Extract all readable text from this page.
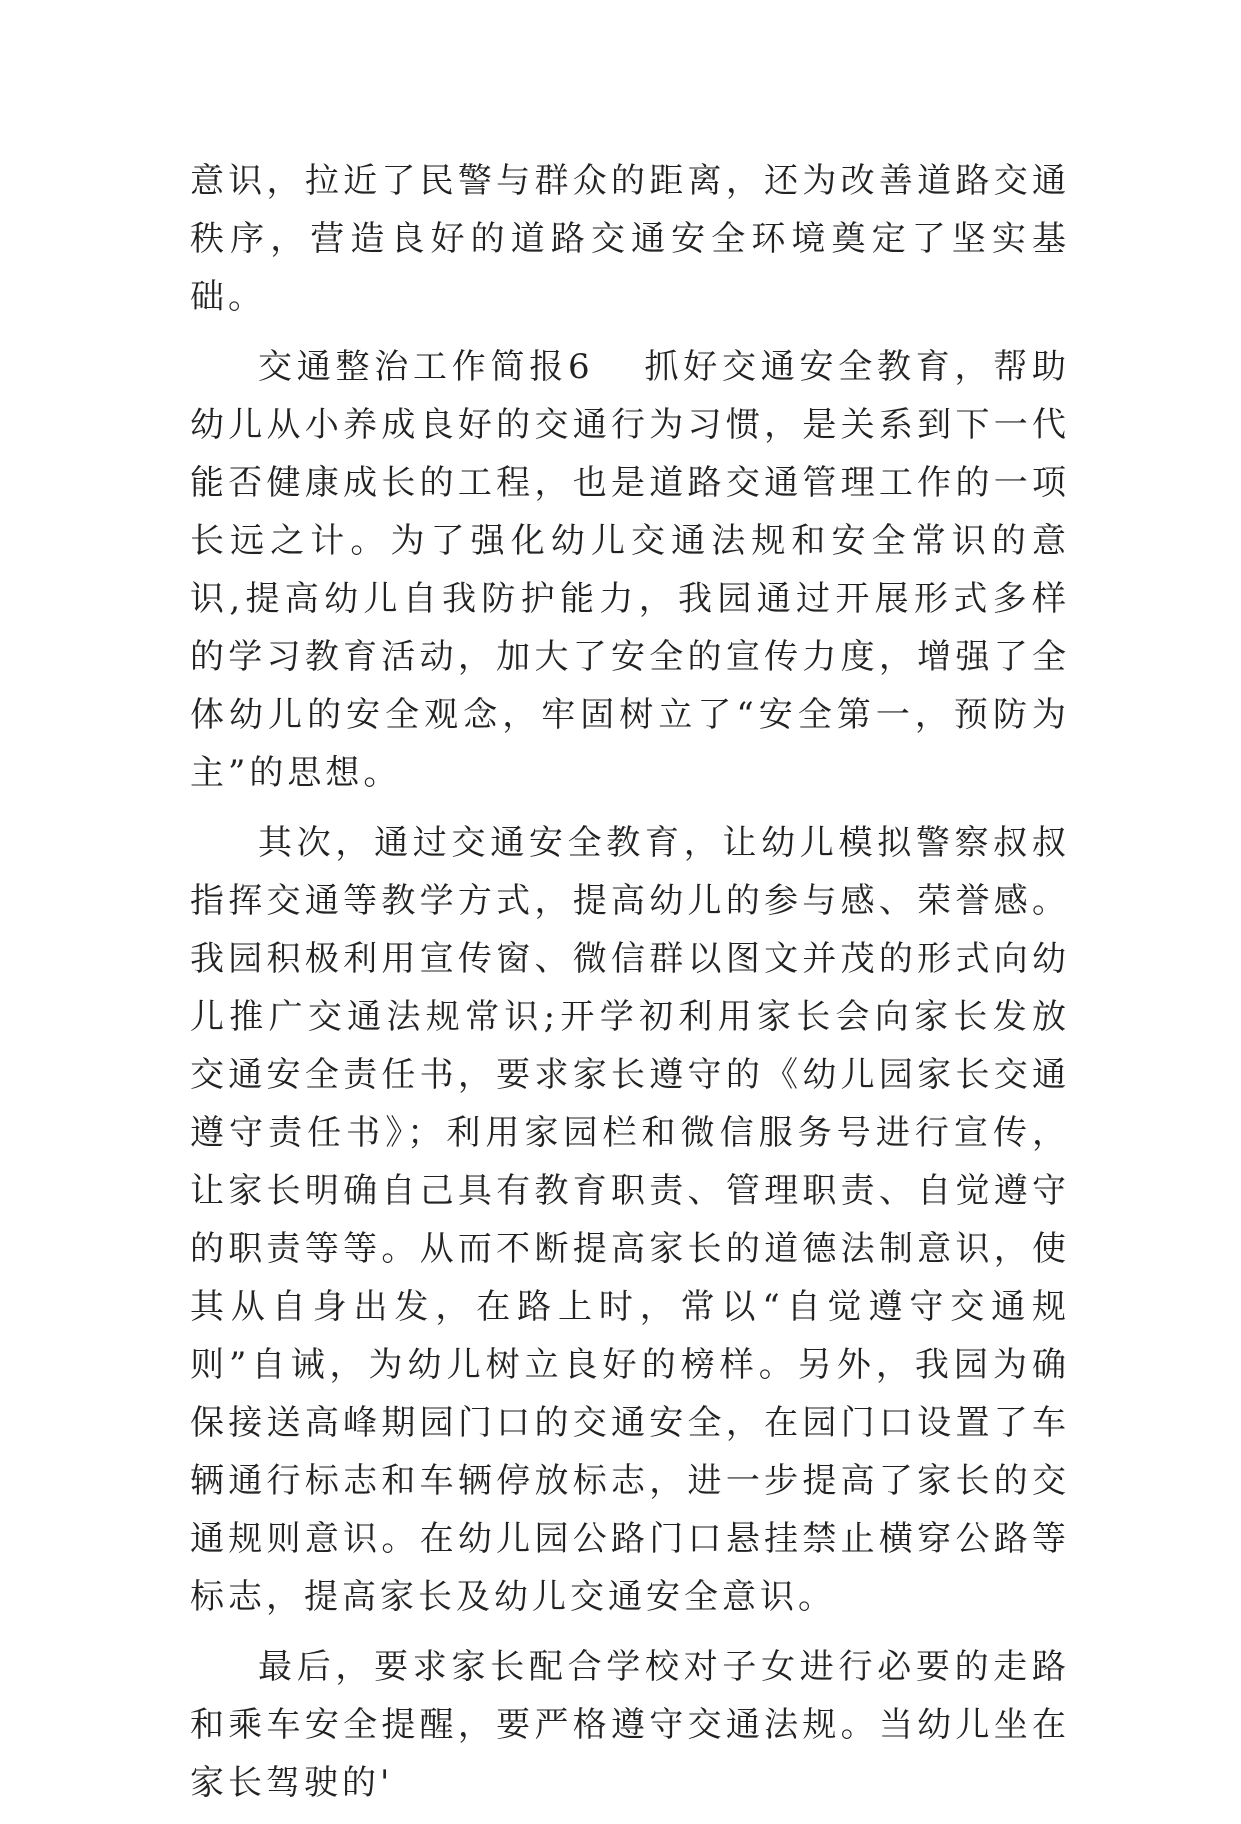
意识，拉近了民警与群众的距离，还为改善道路交通秩序，营造良好的道路交通安全环境奠定了坚实基础。

交通整治工作简报6 抓好交通安全教育，帮助幼儿从小养成良好的交通行为习惯，是关系到下一代能否健康成长的工程，也是道路交通管理工作的一项长远之计。为了强化幼儿交通法规和安全常识的意识,提高幼儿自我防护能力，我园通过开展形式多样的学习教育活动，加大了安全的宣传力度，增强了全体幼儿的安全观念，牢固树立了“安全第一，预防为主”的思想。

其次，通过交通安全教育，让幼儿模拟警察叔叔指挥交通等教学方式，提高幼儿的参与感、荣誉感。我园积极利用宣传窗、微信群以图文并茂的形式向幼儿推广交通法规常识;开学初利用家长会向家长发放交通安全责任书，要求家长遵守的《幼儿园家长交通遵守责任书》；利用家园栏和微信服务号进行宣传，让家长明确自己具有教育职责、管理职责、自觉遵守的职责等等。从而不断提高家长的道德法制意识，使其从自身出发，在路上时，常以“自觉遵守交通规则”自诫，为幼儿树立良好的榜样。另外，我园为确保接送高峰期园门口的交通安全，在园门口设置了车辆通行标志和车辆停放标志，进一步提高了家长的交通规则意识。在幼儿园公路门口悬挂禁止横穿公路等标志，提高家长及幼儿交通安全意识。

最后，要求家长配合学校对子女进行必要的走路和乘车安全提醒，要严格遵守交通法规。当幼儿坐在家长驾驶的'
